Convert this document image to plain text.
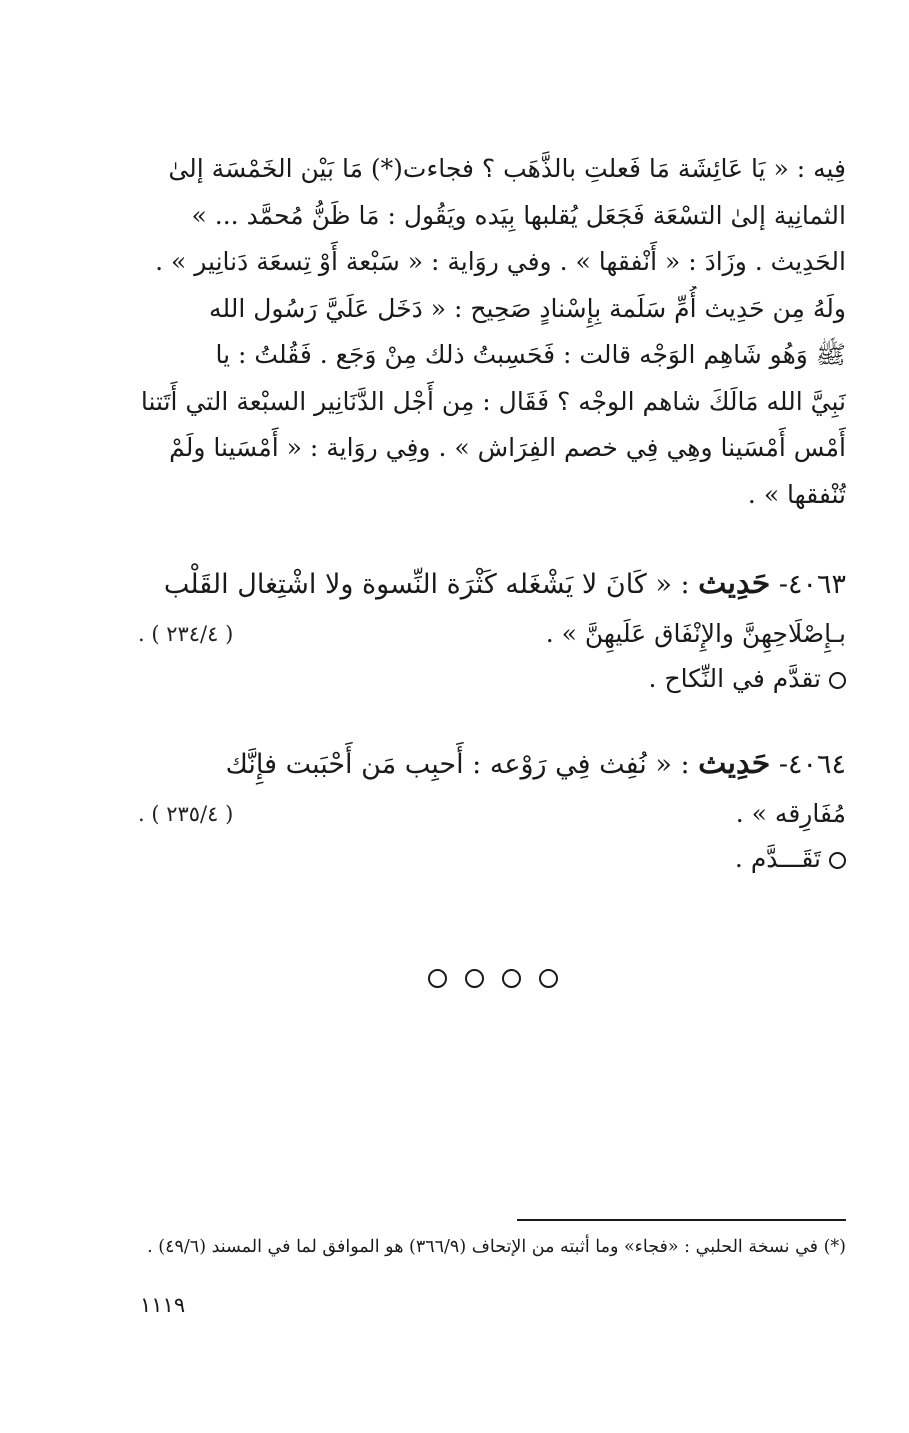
فِيه : « يَا عَائِشَة مَا فَعلتِ بالذَّهَب ؟ فجاءت(*) مَا بَيْن الخَمْسَة إلىٰ
الثمانِية إلىٰ التسْعَة فَجَعَل يُقلبها بِيَده ويَقُول : مَا ظَنُّ مُحمَّد ... »
الحَدِيث . وزَادَ : « أَنْفقها » . وفي روَاية : « سَبْعة أَوْ تِسعَة دَنانِير » .
ولَهُ مِن حَدِيث أُمِّ سَلَمة بِإِسْنادٍ صَحِيح : « دَخَل عَلَيَّ رَسُول الله
ﷺ وَهُو شَاهِم الوَجْه قالت : فَحَسِبتُ ذلك مِنْ وَجَع . فَقُلتُ : يا
نَبِيَّ الله مَالَكَ شاهم الوجْه ؟ فَقَال : مِن أَجْل الدَّنَانِير السبْعة التي أَتَتنا
أَمْس أَمْسَينا وهِي فِي خصم الفِرَاش » . وفِي روَاية : « أَمْسَينا ولَمْ
تُنْفقها » .
٤٠٦٣- حَدِيث : « كَانَ لا يَشْغَله كَثْرَة النِّسوة ولا اشْتِغال القَلْب
بـإِصْلَاحِهِنَّ والإِنْفَاق عَلَيهِنَّ » .
( ٢٣٤/٤ ) .
تقدَّم في النِّكاح .
٤٠٦٤- حَدِيث : « نُفِث فِي رَوْعه : أَحبِب مَن أَحْبَبت فإِنَّك
مُفَارِقه » .
( ٢٣٥/٤ ) .
تَقَـــدَّم .
(*) في نسخة الحلبي : «فجاء» وما أثبته من الإتحاف (٣٦٦/٩) هو الموافق لما في المسند (٤٩/٦) .
١١١٩
